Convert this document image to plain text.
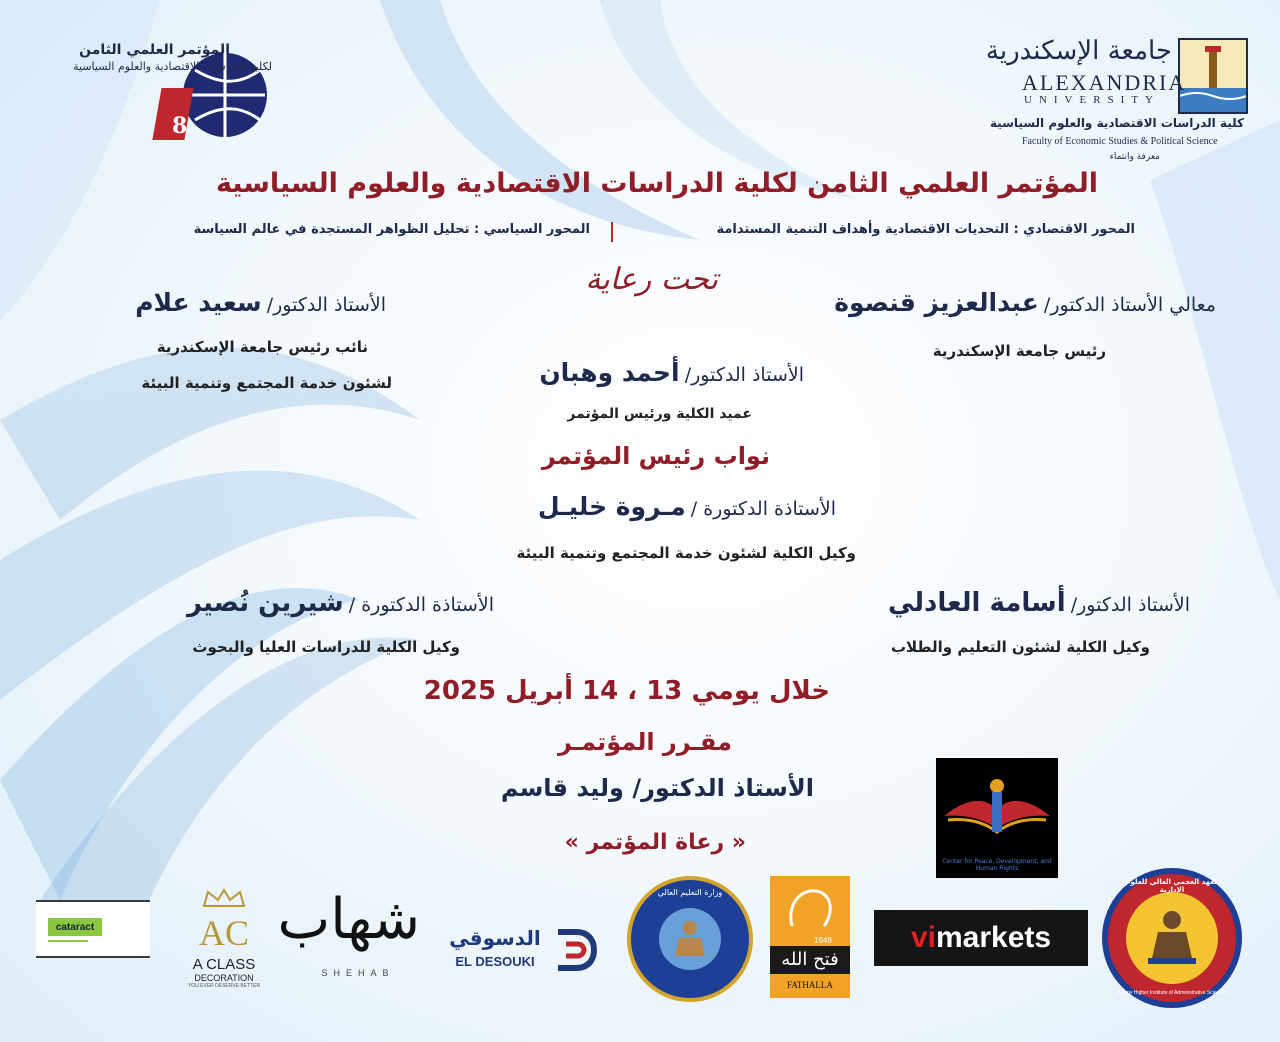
8
المؤتمر العلمي الثامن
لكلية الدراسات الاقتصادية والعلوم السياسية
جامعة الإسكندرية
ALEXANDRIA
UNIVERSITY
كلية الدراسات الاقتصادية والعلوم السياسية
Faculty of Economic Studies & Political Science
معرفة وانتماء
المؤتمر العلمي الثامن لكلية الدراسات الاقتصادية والعلوم السياسية
المحور الاقتصادي : التحديات الاقتصادية وأهداف التنمية المستدامة
المحور السياسي : تحليل الظواهر المستجدة في عالم السياسة
تحت رعاية
معالي الأستاذ الدكتور/ عبدالعزيز قنصوة
رئيس جامعة الإسكندرية
الأستاذ الدكتور/ سعيد علام
نائب رئيس جامعة الإسكندرية
لشئون خدمة المجتمع وتنمية البيئة	الأستاذ الدكتور/ أحمد وهبان
عميد الكلية ورئيس المؤتمر
نواب رئيس المؤتمر
الأستاذة الدكتورة / مـروة خليـل
وكيل الكلية لشئون خدمة المجتمع وتنمية البيئة
الأستاذ الدكتور/ أسامة العادلي
وكيل الكلية لشئون التعليم والطلاب
الأستاذة الدكتورة / شيرين نُصير
وكيل الكلية للدراسات العليا والبحوث
خلال يومي 13 ، 14 أبريل 2025
مقـرر المؤتمـر
الأستاذ الدكتور/ وليد قاسم
« رعاة المؤتمر »
Center for Peace, Development, and Human Rights
cataract	AC
A CLASS
DECORATION
YOU EVER DESERVE BETTER
شهاب
SHEHAB
الدسوقي
EL DESOUKI
وزارة التعليم العالي
1948
فتح الله
FATHALLA
vi markets
معهد العجمي العالي للعلوم الإدارية
Agamy Higher Institute of Administrative Sciences
